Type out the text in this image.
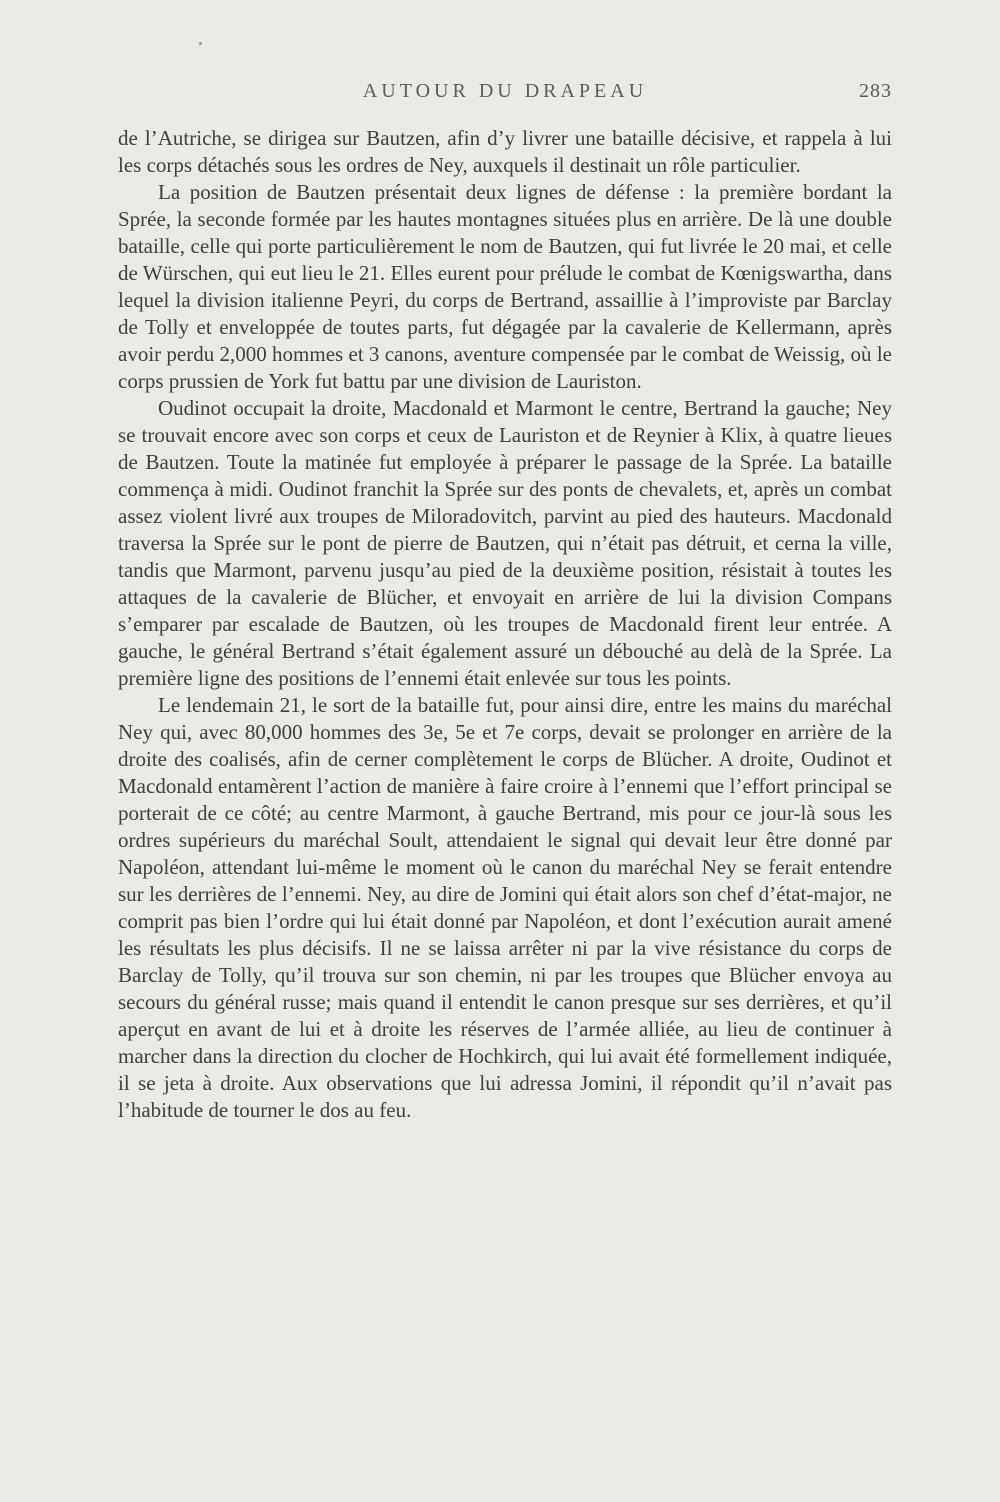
AUTOUR DU DRAPEAU	283

de l’Autriche, se dirigea sur Bautzen, afin d’y livrer une bataille décisive, et rappela à lui les corps détachés sous les ordres de Ney, auxquels il destinait un rôle particulier.

La position de Bautzen présentait deux lignes de défense : la première bordant la Sprée, la seconde formée par les hautes montagnes situées plus en arrière. De là une double bataille, celle qui porte particulièrement le nom de Bautzen, qui fut livrée le 20 mai, et celle de Würschen, qui eut lieu le 21. Elles eurent pour prélude le combat de Kœnigswartha, dans lequel la division italienne Peyri, du corps de Bertrand, assaillie à l’improviste par Barclay de Tolly et enveloppée de toutes parts, fut dégagée par la cavalerie de Kellermann, après avoir perdu 2,000 hommes et 3 canons, aventure compensée par le combat de Weissig, où le corps prussien de York fut battu par une division de Lauriston.

Oudinot occupait la droite, Macdonald et Marmont le centre, Bertrand la gauche; Ney se trouvait encore avec son corps et ceux de Lauriston et de Reynier à Klix, à quatre lieues de Bautzen. Toute la matinée fut employée à préparer le passage de la Sprée. La bataille commença à midi. Oudinot franchit la Sprée sur des ponts de chevalets, et, après un combat assez violent livré aux troupes de Miloradovitch, parvint au pied des hauteurs. Macdonald traversa la Sprée sur le pont de pierre de Bautzen, qui n’était pas détruit, et cerna la ville, tandis que Marmont, parvenu jusqu’au pied de la deuxième position, résistait à toutes les attaques de la cavalerie de Blücher, et envoyait en arrière de lui la division Compans s’emparer par escalade de Bautzen, où les troupes de Macdonald firent leur entrée. A gauche, le général Bertrand s’était également assuré un débouché au delà de la Sprée. La première ligne des positions de l’ennemi était enlevée sur tous les points.

Le lendemain 21, le sort de la bataille fut, pour ainsi dire, entre les mains du maréchal Ney qui, avec 80,000 hommes des 3e, 5e et 7e corps, devait se prolonger en arrière de la droite des coalisés, afin de cerner complètement le corps de Blücher. A droite, Oudinot et Macdonald entamèrent l’action de manière à faire croire à l’ennemi que l’effort principal se porterait de ce côté; au centre Marmont, à gauche Bertrand, mis pour ce jour-là sous les ordres supérieurs du maréchal Soult, attendaient le signal qui devait leur être donné par Napoléon, attendant lui-même le moment où le canon du maréchal Ney se ferait entendre sur les derrières de l’ennemi. Ney, au dire de Jomini qui était alors son chef d’état-major, ne comprit pas bien l’ordre qui lui était donné par Napoléon, et dont l’exécution aurait amené les résultats les plus décisifs. Il ne se laissa arrêter ni par la vive résistance du corps de Barclay de Tolly, qu’il trouva sur son chemin, ni par les troupes que Blücher envoya au secours du général russe; mais quand il entendit le canon presque sur ses derrières, et qu’il aperçut en avant de lui et à droite les réserves de l’armée alliée, au lieu de continuer à marcher dans la direction du clocher de Hochkirch, qui lui avait été formellement indiquée, il se jeta à droite. Aux observations que lui adressa Jomini, il répondit qu’il n’avait pas l’habitude de tourner le dos au feu.
